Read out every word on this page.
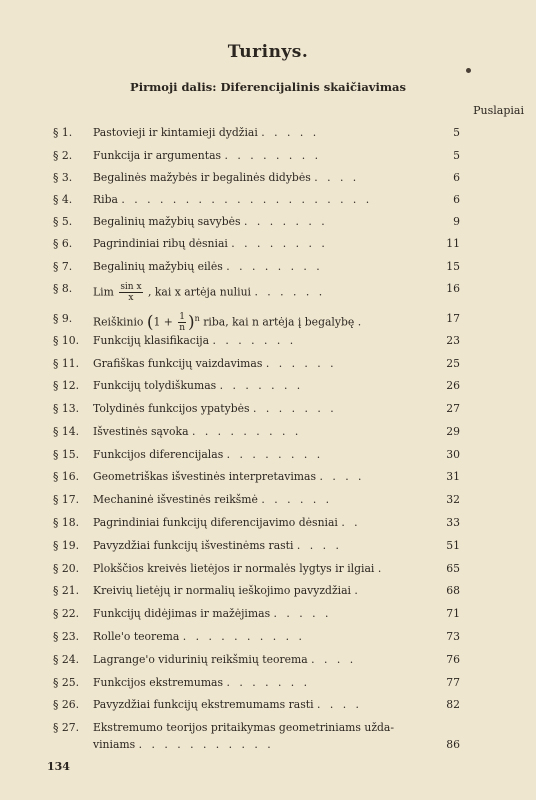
Turinys.
Pirmoji dalis: Diferencijalinis skaičiavimas
Puslapiai
§ 1.	Pastovieji ir kintamieji dydžiai . . . . .	5
§ 2.	Funkcija ir argumentas . . . . . . . .	5
§ 3.	Begalinės mažybės ir begalinės didybės . . . .	6
§ 4.	Riba . . . . . . . . . . . . . . . . . . . .	6
§ 5.	Begalinių mažybių savybės . . . . . . .	9
§ 6.	Pagrindiniai ribų dėsniai . . . . . . . .	11
§ 7.	Begalinių mažybių eilės . . . . . . . .	15
§ 8.	Lim $\frac{\text{sin x}}{x}$ , kai x artėja nuliui . . . . . .	16
§ 9.	Reiškinio $(1 + \frac{1}{n} )^n$ riba, kai n artėja į begalybę .	17
§ 10.	Funkcijų klasifikacija . . . . . . .	23
§ 11.	Grafiškas funkcijų vaizdavimas . . . . . .	25
§ 12.	Funkcijų tolydiškumas . . . . . . .	26
§ 13.	Tolydinės funkcijos ypatybės . . . . . . .	27
§ 14.	Išvestinės sąvoka . . . . . . . . .	29
§ 15.	Funkcijos diferencijalas . . . . . . . .	30
§ 16.	Geometriškas išvestinės interpretavimas . . . .	31
§ 17.	Mechaninė išvestinės reikšmė . . . . . .	32
§ 18.	Pagrindiniai funkcijų diferencijavimo dėsniai . .	33
§ 19.	Pavyzdžiai funkcijų išvestinėms rasti . . . .	51
§ 20.	Plokščios kreivės lietėjos ir normalės lygtys ir ilgiai .	65
§ 21.	Kreivių lietėjų ir normalių ieškojimo pavyzdžiai .	68
§ 22.	Funkcijų didėjimas ir mažėjimas . . . . .	71
§ 23.	Rolle'o teorema . . . . . . . . . .	73
§ 24.	Lagrange'o vidurinių reikšmių teorema . . . .	76
§ 25.	Funkcijos ekstremumas . . . . . . .	77
§ 26.	Pavyzdžiai funkcijų ekstremumams rasti . . . .	82
§ 27.	Ekstremumo teorijos pritaikymas geometriniams užda-
viniams . . . . . . . . . . .	86
134
